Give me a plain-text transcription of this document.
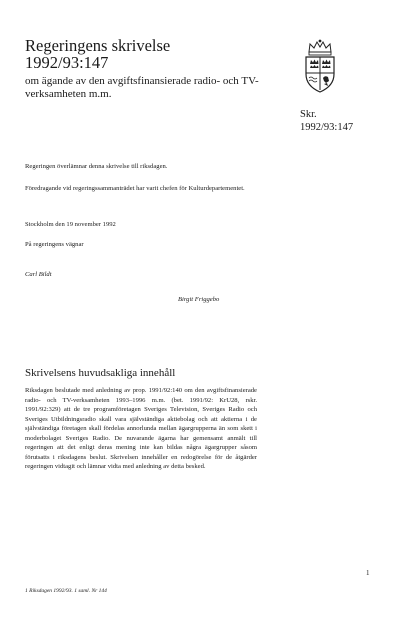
Regeringens skrivelse
1992/93:147

om ägande av den avgiftsfinansierade radio- och TV-verksamheten m.m.

Skr.
1992/93:147
Regeringen överlämnar denna skrivelse till riksdagen.
Föredragande vid regeringssammanträdet har varit chefen för Kulturdepartementet.
Stockholm den 19 november 1992
På regeringens vägnar
Carl Bildt
Birgit Friggebo
Skrivelsens huvudsakliga innehåll

Riksdagen beslutade med anledning av prop. 1991/92:140 om den avgiftsfinansierade radio- och TV-verksamheten 1993–1996 m.m. (bet. 1991/92: KrU28, rskr. 1991/92:329) att de tre programföretagen Sveriges Television, Sveriges Radio och Sveriges Utbildningsradio skall vara självständiga aktiebolag och att aktierna i de självständiga företagen skall fördelas annorlunda mellan ägargrupperna än som skett i moderbolaget Sveriges Radio. De nuvarande ägarna har gemensamt anmält till regeringen att det enligt deras mening inte kan bildas några ägargrupper såsom förutsatts i riksdagens beslut. Skrivelsen innehåller en redogörelse för de åtgärder regeringen vidtagit och lämnar vidta med anledning av detta besked.

1
1 Riksdagen 1992/93. 1 saml. Nr 144
